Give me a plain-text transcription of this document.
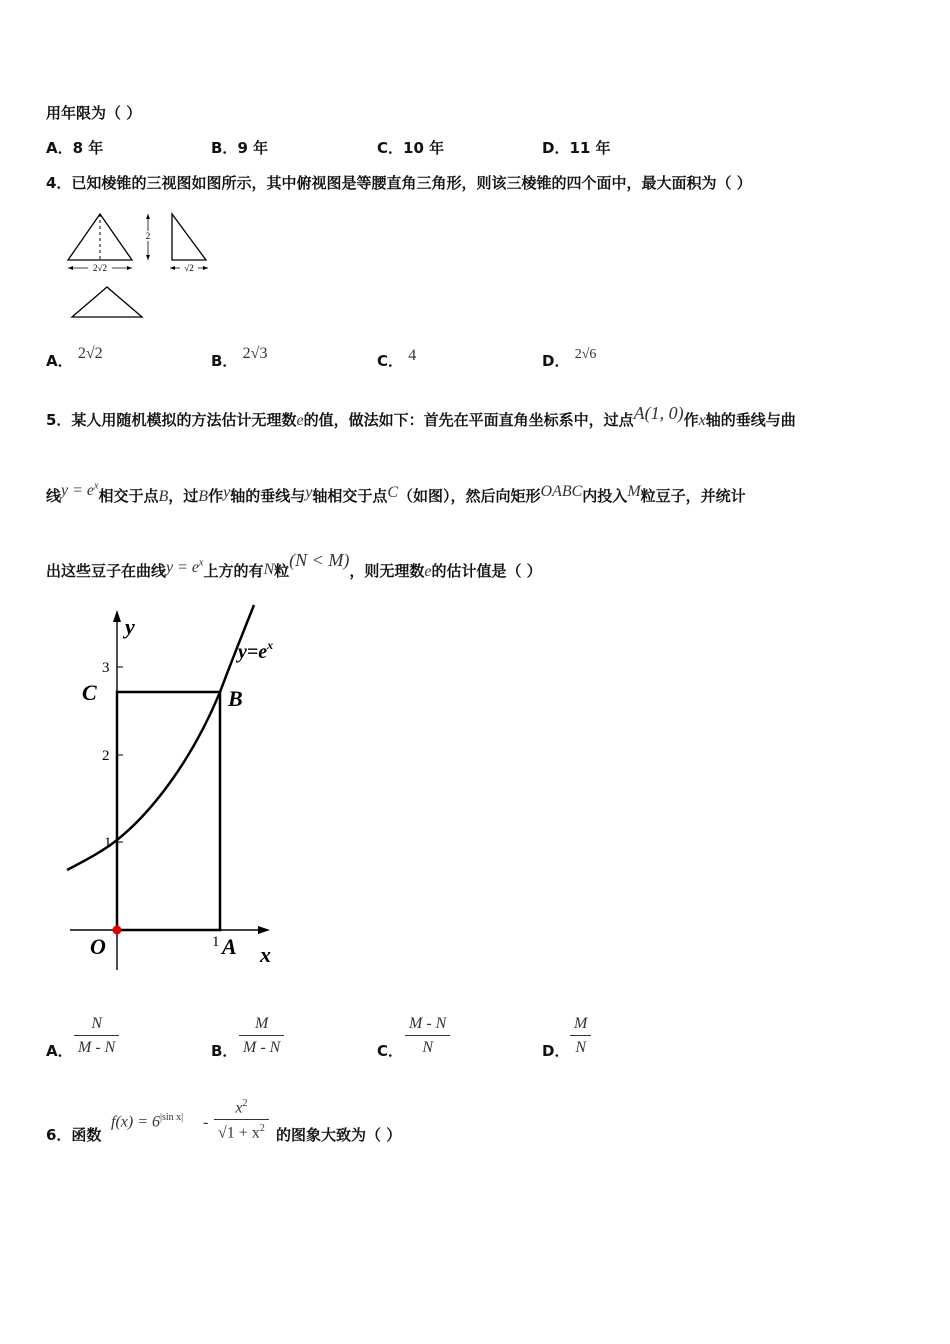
用年限为（ ）
A．8 年	B．9 年	C．10 年	D．11 年
4．已知棱锥的三视图如图所示，其中俯视图是等腰直角三角形，则该三棱锥的四个面中，最大面积为（ ）
2√2
2
√2
A． 2√2	B． 2√3	C． 4	D． 2√6
5．某人用随机模拟的方法估计无理数e的值，做法如下：首先在平面直角坐标系中，过点A(1, 0)作x轴的垂线与曲
线$y = e^x$相交于点B，过B作y轴的垂线与y轴相交于点C（如图），然后向矩形OABC内投入M粒豆子，并统计
出这些豆子在曲线$y = e^x$上方的有N粒(N < M)，则无理数e的估计值是（ ）
y
x
3
2
1
$y=e^x$
C	B
O	1 A
A． $\frac{N}{M - N}$	B． $\frac{M}{M - N}$	C． $\frac{M - N}{N}$	D． $\frac{M}{N}$
6．函数
$f(x) = 6^{|sin x|} - \frac{x^2}{√1 + x^2}$ 的图象大致为（ ）
